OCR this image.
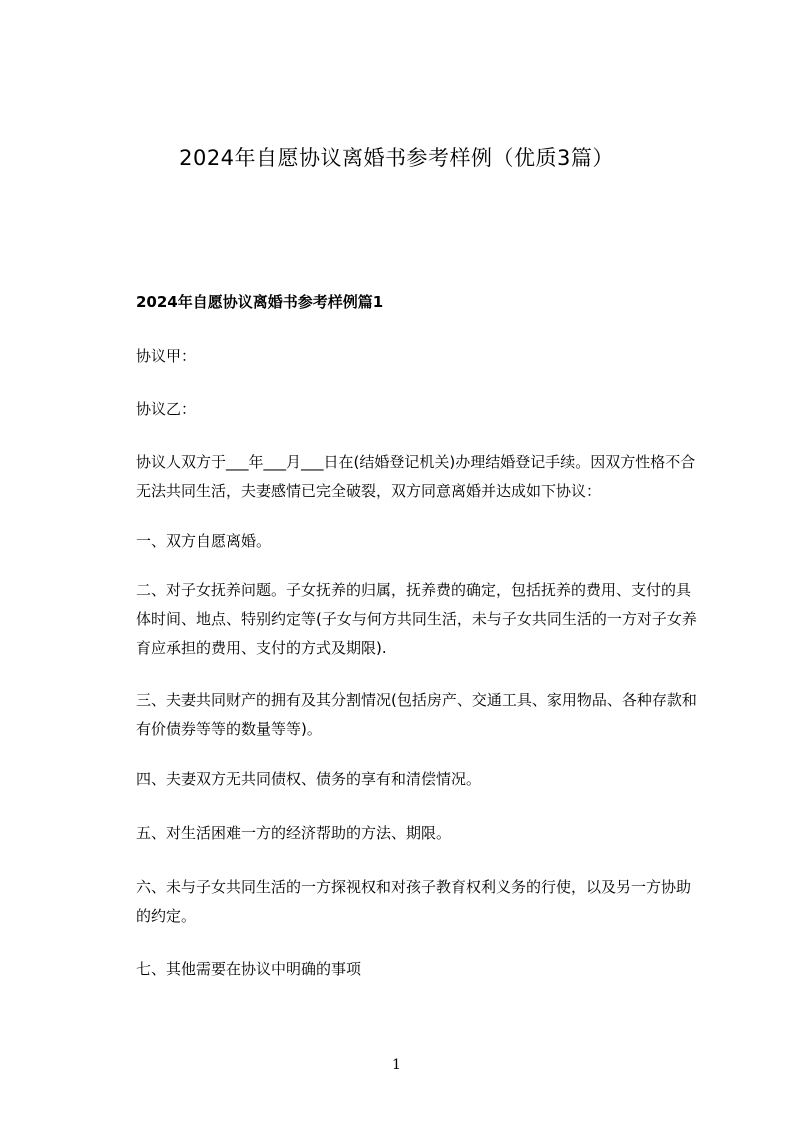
2024年自愿协议离婚书参考样例（优质3篇）
2024年自愿协议离婚书参考样例篇1

协议甲：

协议乙：

协议人双方于___年___月___日在(结婚登记机关)办理结婚登记手续。因双方性格不合无法共同生活，夫妻感情已完全破裂，双方同意离婚并达成如下协议：

一、双方自愿离婚。

二、对子女抚养问题。子女抚养的归属，抚养费的确定，包括抚养的费用、支付的具体时间、地点、特别约定等(子女与何方共同生活，未与子女共同生活的一方对子女养育应承担的费用、支付的方式及期限).

三、夫妻共同财产的拥有及其分割情况(包括房产、交通工具、家用物品、各种存款和有价债券等等的数量等等)。

四、夫妻双方无共同债权、债务的享有和清偿情况。

五、对生活困难一方的经济帮助的方法、期限。

六、未与子女共同生活的一方探视权和对孩子教育权利义务的行使，以及另一方协助的约定。

七、其他需要在协议中明确的事项

1
